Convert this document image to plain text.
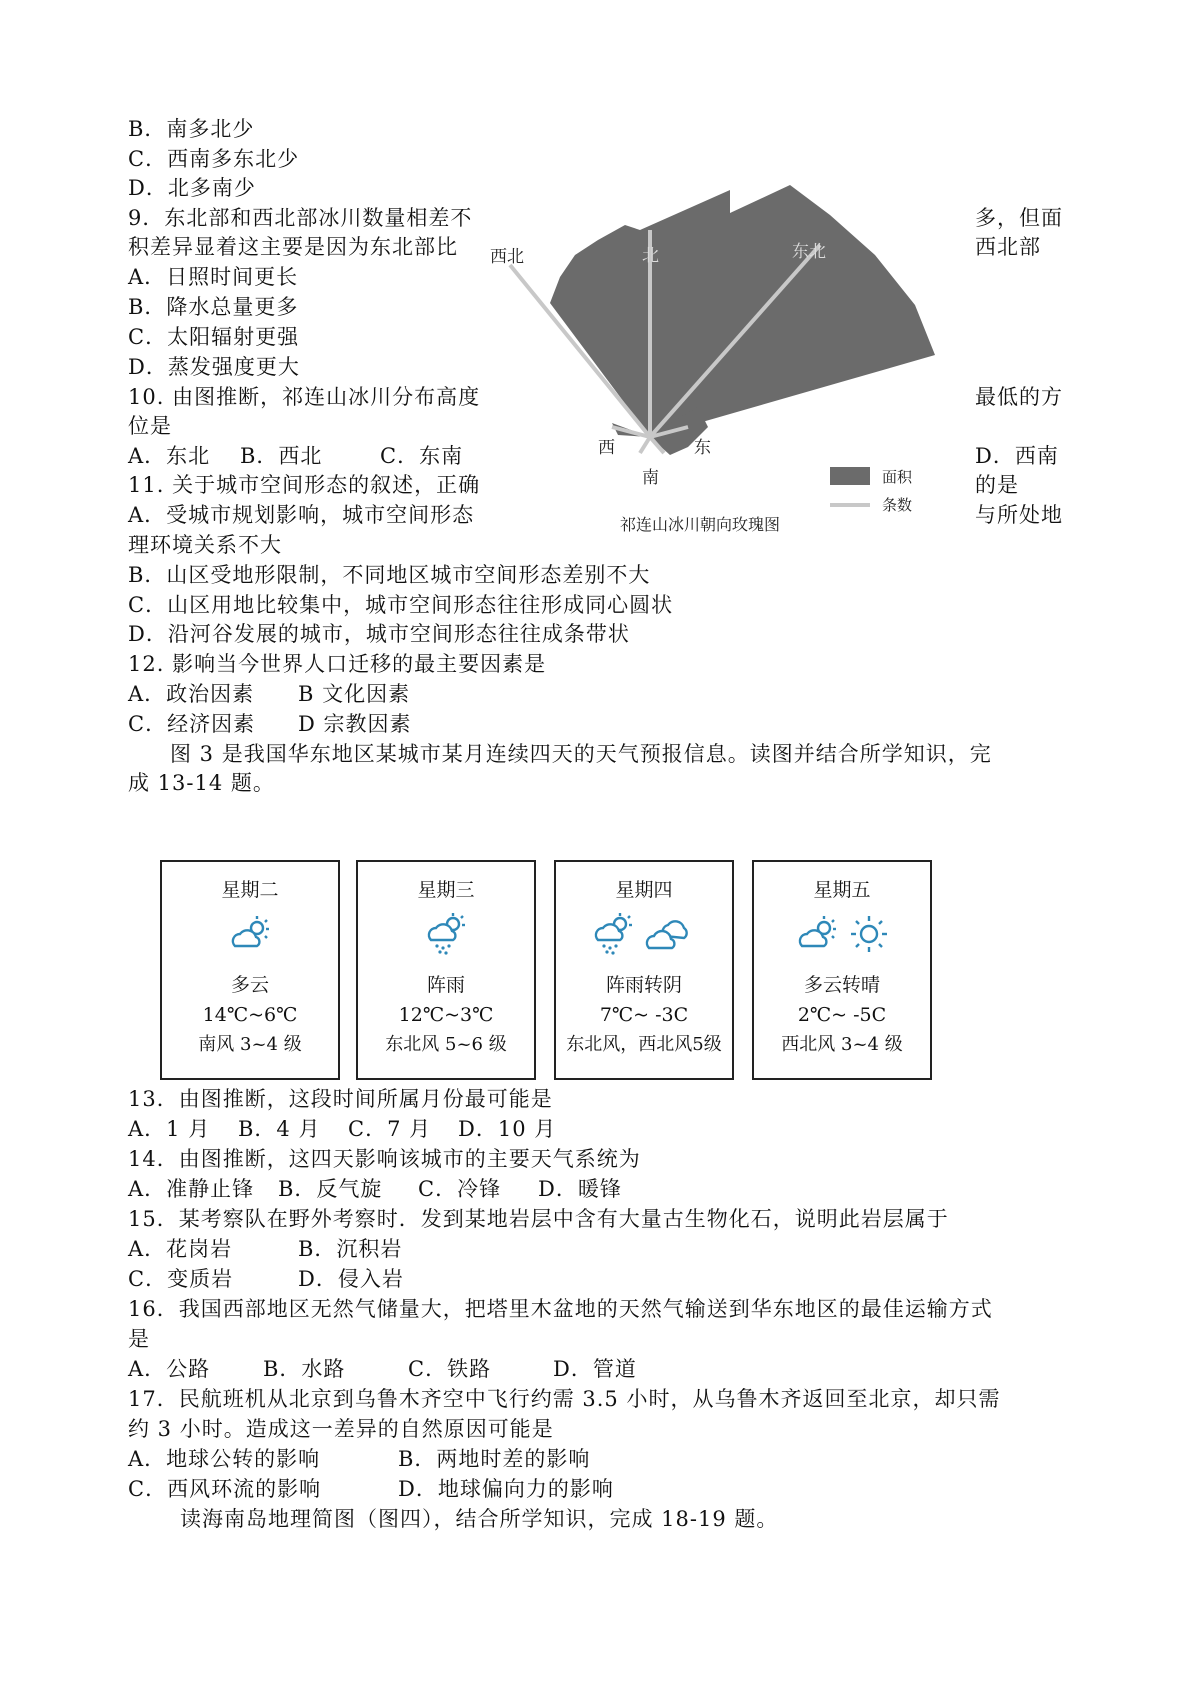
B．南多北少
C．西南多东北少
D．北多南少
9．东北部和西北部冰川数量相差不	多，但面
积差异显着这主要是因为东北部比	西北部
A．日照时间更长
B．降水总量更多
C．太阳辐射更强
D．蒸发强度更大
10. 由图推断，祁连山冰川分布高度	最低的方
位是
A．东北 B．西北	C．东南	D．西南
11. 关于城市空间形态的叙述，正确	的是
A．受城市规划影响，城市空间形态	与所处地
理环境关系不大
B．山区受地形限制，不同地区城市空间形态差别不大
C．山区用地比较集中，城市空间形态往往形成同心圆状
D．沿河谷发展的城市，城市空间形态往往成条带状
12. 影响当今世界人口迁移的最主要因素是
A．政治因素 B 文化因素
C．经济因素 D 宗教因素
图 3 是我国华东地区某城市某月连续四天的天气预报信息。读图并结合所学知识，完
成 13-14 题。
西北	北	东北
西	东
南	面积
条数
祁连山冰川朝向玫瑰图
星期二
多云
14℃~6℃
南风 3~4 级
星期三
阵雨
12℃~3℃
东北风 5~6 级
星期四
阵雨转阴
7℃~ -3C
东北风，西北风5级
星期五
多云转晴
2℃~ -5C
西北风 3~4 级
13．由图推断，这段时间所属月份最可能是
A．1 月 B．4 月 C．7 月 D．10 月
14．由图推断，这四天影响该城市的主要天气系统为
A．准静止锋 B．反气旋 C．冷锋 D．暖锋
15．某考察队在野外考察时．发到某地岩层中含有大量古生物化石，说明此岩层属于
A．花岗岩	B．沉积岩
C．变质岩	D．侵入岩
16．我国西部地区无然气储量大，把塔里木盆地的天然气输送到华东地区的最佳运输方式
是
A．公路	B．水路	C．铁路	D．管道
17．民航班机从北京到乌鲁木齐空中飞行约需 3.5 小时，从乌鲁木齐返回至北京，却只需
约 3 小时。造成这一差异的自然原因可能是
A．地球公转的影响	B．两地时差的影响
C．西风环流的影响	D．地球偏向力的影响
读海南岛地理简图（图四），结合所学知识，完成 18-19 题。
